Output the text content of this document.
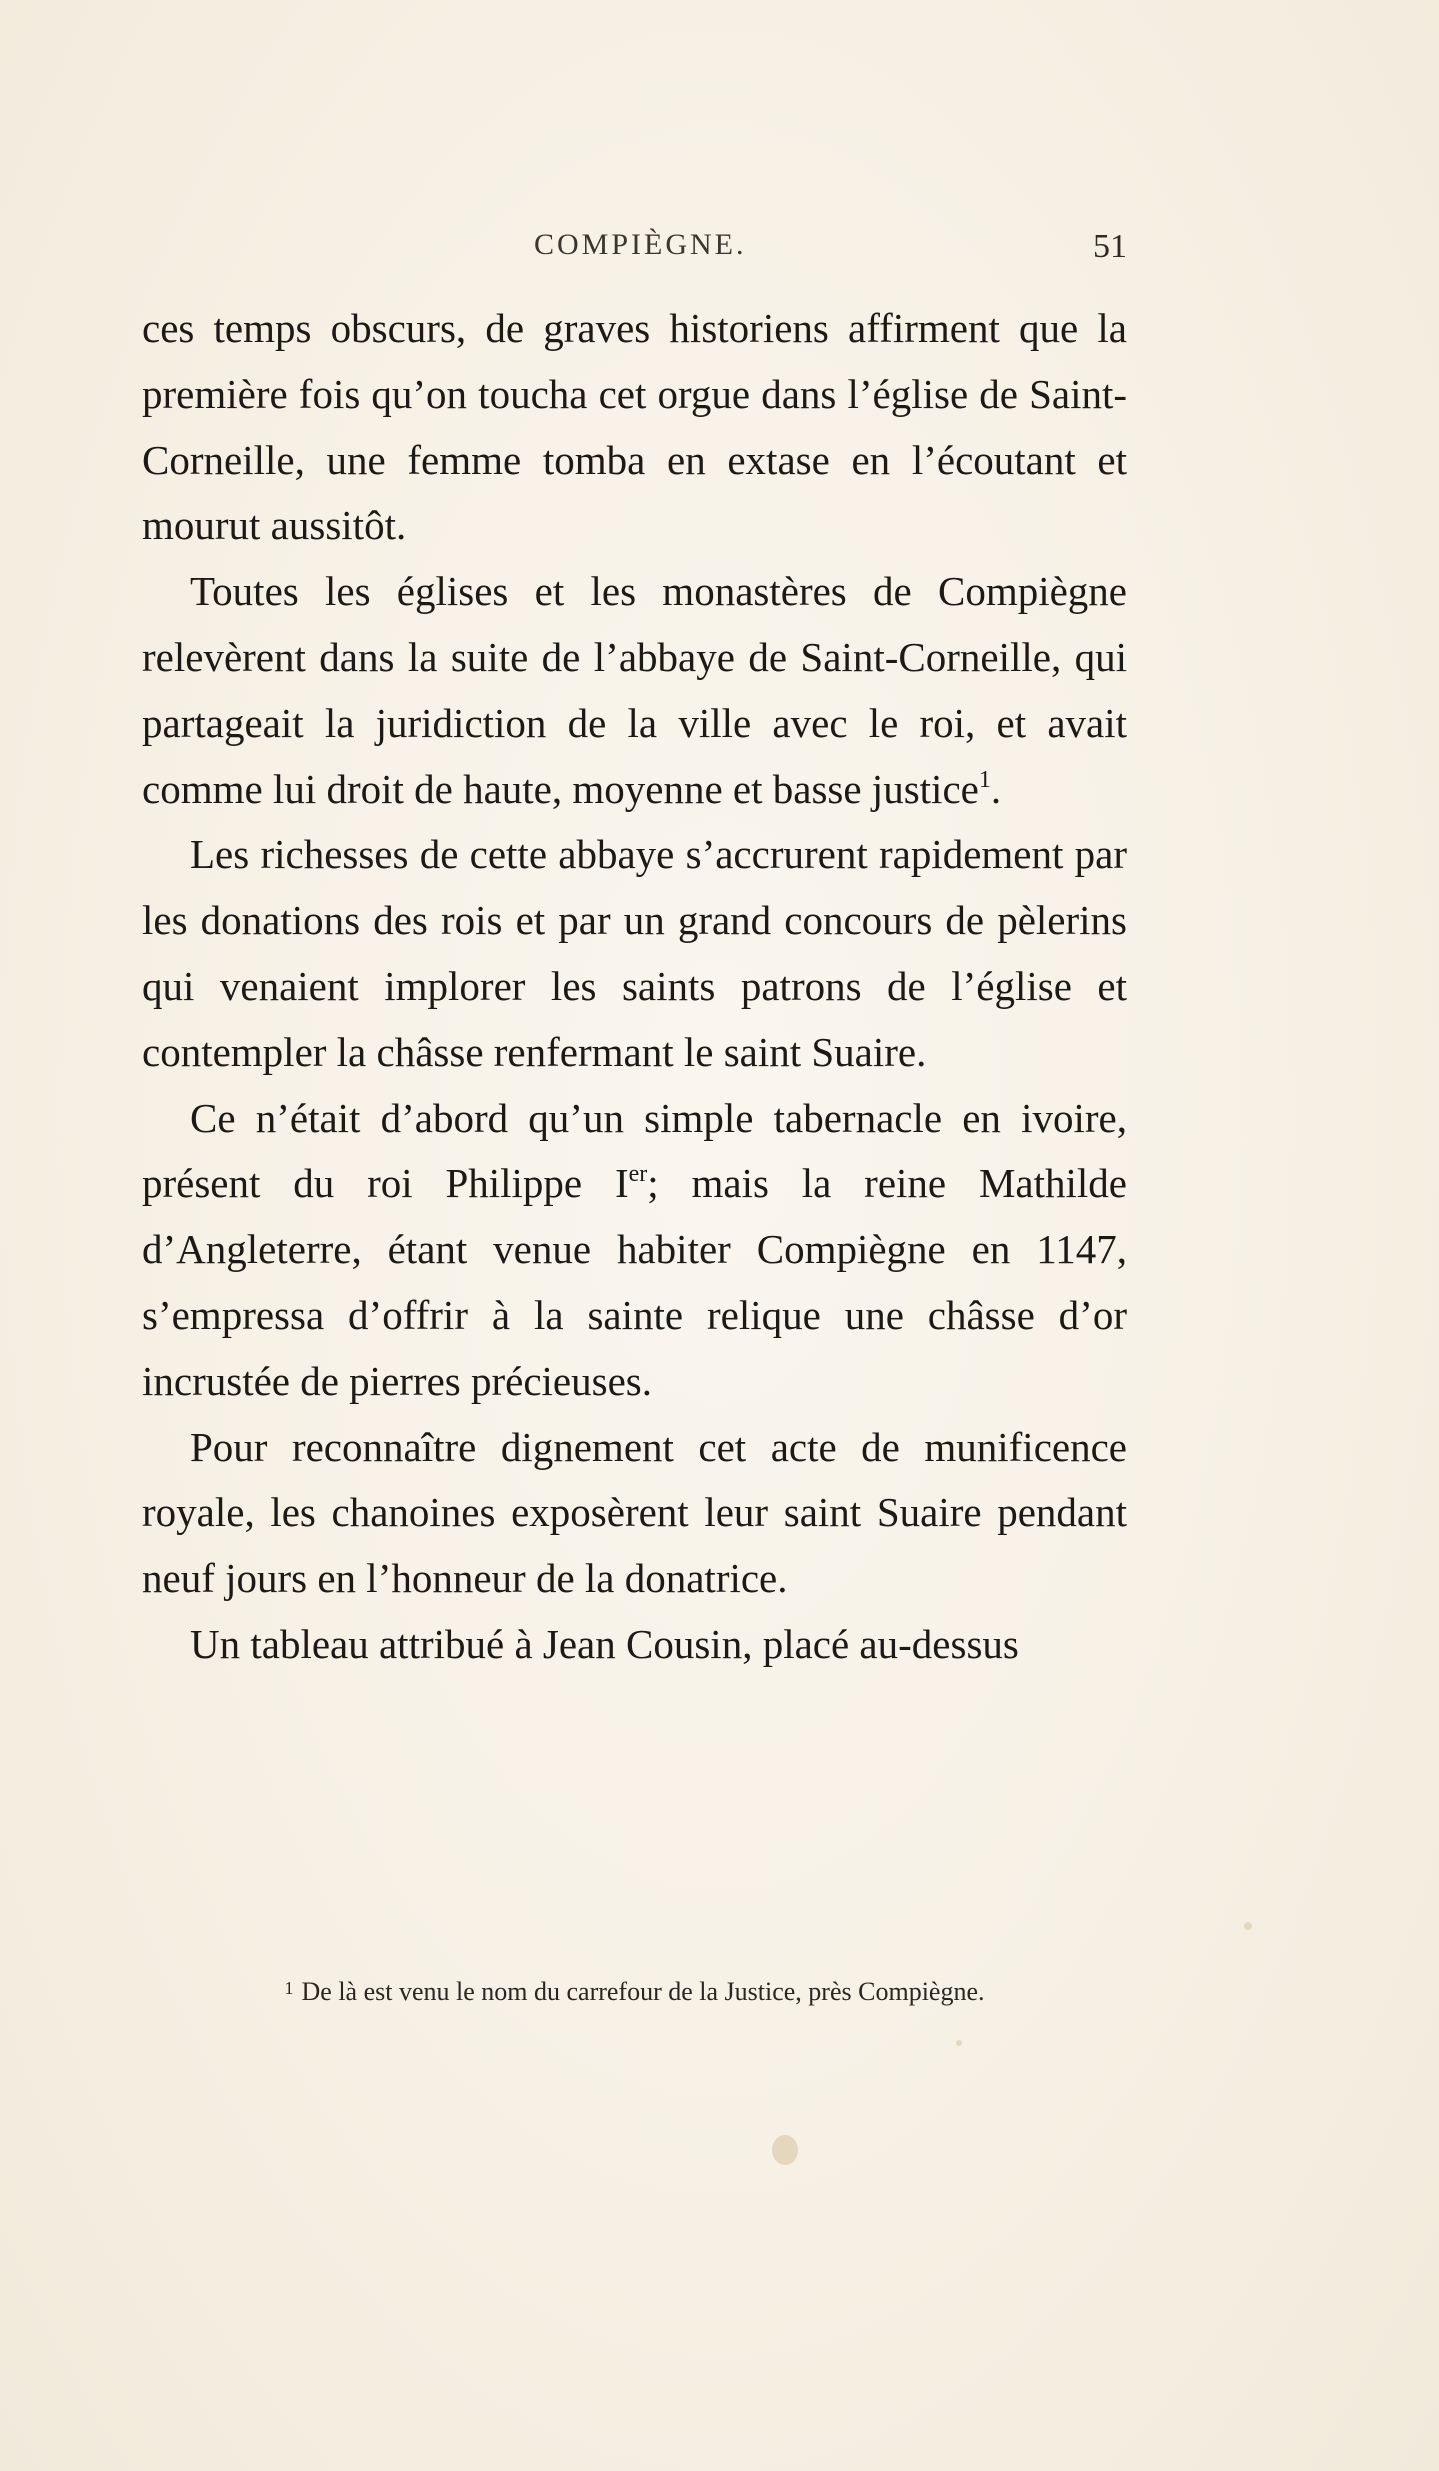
COMPIÈGNE.	51

ces temps obscurs, de graves historiens affirment que la première fois qu’on toucha cet orgue dans l’église de Saint-Corneille, une femme tomba en extase en l’écoutant et mourut aussitôt.

Toutes les églises et les monastères de Compiègne relevèrent dans la suite de l’abbaye de Saint-Corneille, qui partageait la juridiction de la ville avec le roi, et avait comme lui droit de haute, moyenne et basse justice$^1$.

Les richesses de cette abbaye s’accrurent rapidement par les donations des rois et par un grand concours de pèlerins qui venaient implorer les saints patrons de l’église et contempler la châsse renfermant le saint Suaire.

Ce n’était d’abord qu’un simple tabernacle en ivoire, présent du roi Philippe Ier; mais la reine Mathilde d’Angleterre, étant venue habiter Compiègne en 1147, s’empressa d’offrir à la sainte relique une châsse d’or incrustée de pierres précieuses.

Pour reconnaître dignement cet acte de munificence royale, les chanoines exposèrent leur saint Suaire pendant neuf jours en l’honneur de la donatrice.

Un tableau attribué à Jean Cousin, placé au-dessus

$^1$ De là est venu le nom du carrefour de la Justice, près Compiègne.
